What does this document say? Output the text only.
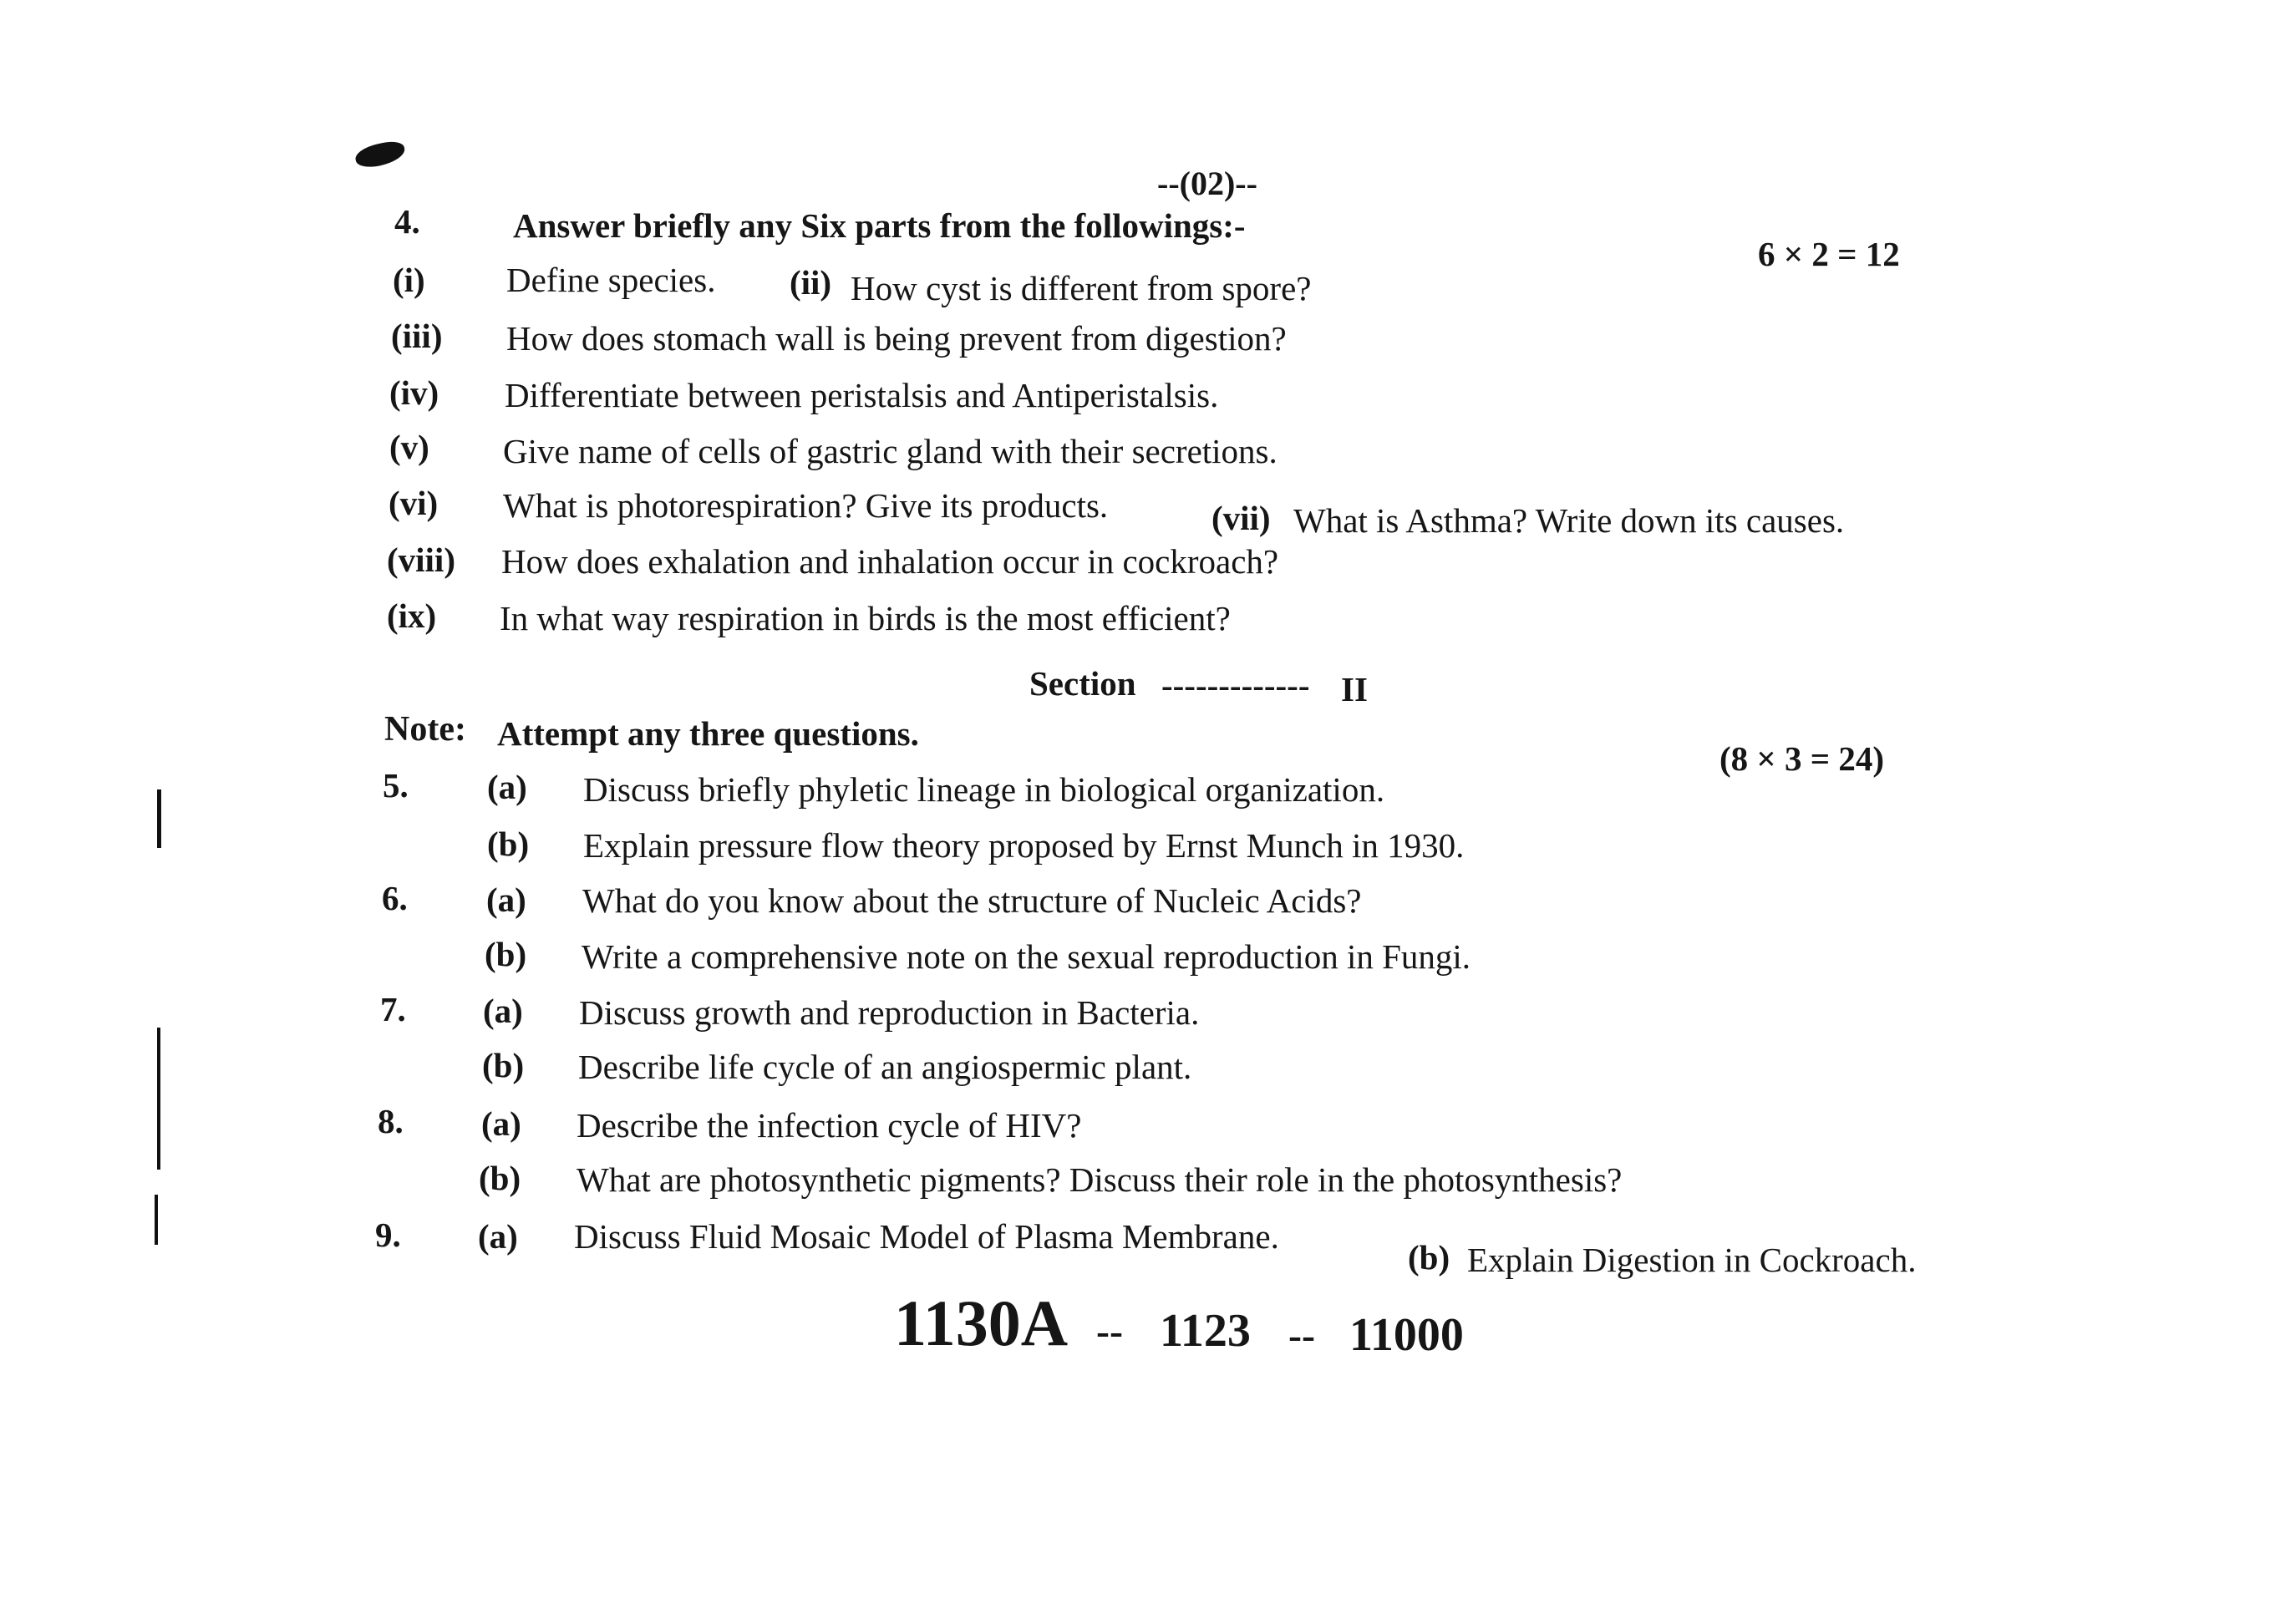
--(02)--
4.	Answer briefly any Six parts from the followings:-
6 × 2 = 12
(i) Define species. (ii) How cyst is different from spore?
(iii) How does stomach wall is being prevent from digestion?
(iv) Differentiate between peristalsis and Antiperistalsis.
(v) Give name of cells of gastric gland with their secretions.
(vi) What is photorespiration? Give its products.	(vii) What is Asthma? Write down its causes.
(viii) How does exhalation and inhalation occur in cockroach?
(ix) In what way respiration in birds is the most efficient?
Section ------------- II
Note: Attempt any three questions.
(8 × 3 = 24)
5. (a) Discuss briefly phyletic lineage in biological organization.
(b) Explain pressure flow theory proposed by Ernst Munch in 1930.
6. (a) What do you know about the structure of Nucleic Acids?
(b) Write a comprehensive note on the sexual reproduction in Fungi.
7. (a) Discuss growth and reproduction in Bacteria.
(b) Describe life cycle of an angiospermic plant.
8. (a) Describe the infection cycle of HIV?
(b) What are photosynthetic pigments? Discuss their role in the photosynthesis?
9. (a) Discuss Fluid Mosaic Model of Plasma Membrane.
(b) Explain Digestion in Cockroach.
1130A -- 1123 -- 11000
